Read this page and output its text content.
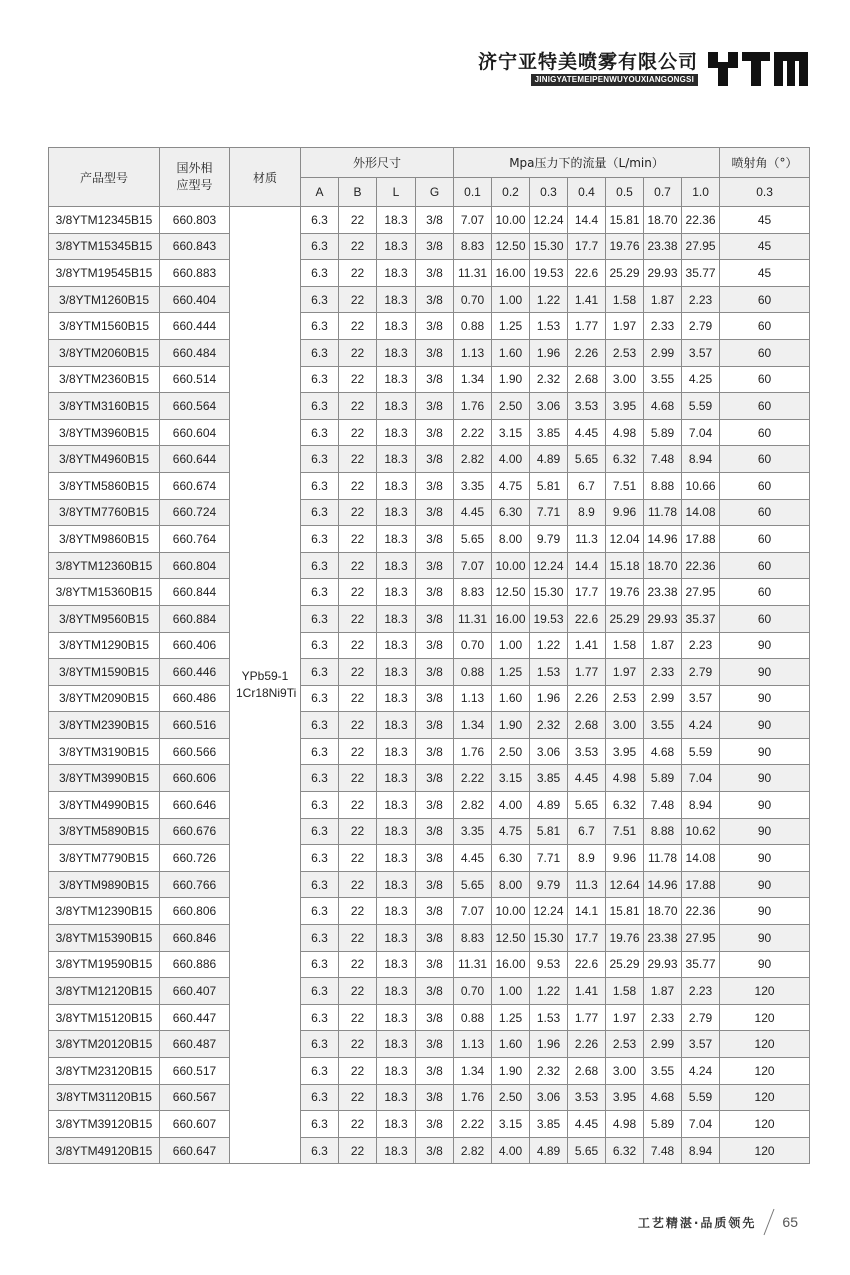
济宁亚特美喷雾有限公司
JINIGYATEMEIPENWUYOUXIANGONGSI
产品型号	国外相应型号	材质	外形尺寸				Mpa压力下的流量（L/min）							喷射角（°）
			A	B	L	G	0.1	0.2	0.3	0.4	0.5	0.7	1.0	0.3
3/8YTM12345B15	660.803	YPb59-1 1Cr18Ni9Ti	6.3	22	18.3	3/8	7.07	10.00	12.24	14.4	15.81	18.70	22.36	45
3/8YTM15345B15	660.843		6.3	22	18.3	3/8	8.83	12.50	15.30	17.7	19.76	23.38	27.95	45
3/8YTM19545B15	660.883		6.3	22	18.3	3/8	11.31	16.00	19.53	22.6	25.29	29.93	35.77	45
3/8YTM1260B15	660.404		6.3	22	18.3	3/8	0.70	1.00	1.22	1.41	1.58	1.87	2.23	60
3/8YTM1560B15	660.444		6.3	22	18.3	3/8	0.88	1.25	1.53	1.77	1.97	2.33	2.79	60
3/8YTM2060B15	660.484		6.3	22	18.3	3/8	1.13	1.60	1.96	2.26	2.53	2.99	3.57	60
3/8YTM2360B15	660.514		6.3	22	18.3	3/8	1.34	1.90	2.32	2.68	3.00	3.55	4.25	60
3/8YTM3160B15	660.564		6.3	22	18.3	3/8	1.76	2.50	3.06	3.53	3.95	4.68	5.59	60
3/8YTM3960B15	660.604		6.3	22	18.3	3/8	2.22	3.15	3.85	4.45	4.98	5.89	7.04	60
3/8YTM4960B15	660.644		6.3	22	18.3	3/8	2.82	4.00	4.89	5.65	6.32	7.48	8.94	60
3/8YTM5860B15	660.674		6.3	22	18.3	3/8	3.35	4.75	5.81	6.7	7.51	8.88	10.66	60
3/8YTM7760B15	660.724		6.3	22	18.3	3/8	4.45	6.30	7.71	8.9	9.96	11.78	14.08	60
3/8YTM9860B15	660.764		6.3	22	18.3	3/8	5.65	8.00	9.79	11.3	12.04	14.96	17.88	60
3/8YTM12360B15	660.804		6.3	22	18.3	3/8	7.07	10.00	12.24	14.4	15.18	18.70	22.36	60
3/8YTM15360B15	660.844		6.3	22	18.3	3/8	8.83	12.50	15.30	17.7	19.76	23.38	27.95	60
3/8YTM9560B15	660.884		6.3	22	18.3	3/8	11.31	16.00	19.53	22.6	25.29	29.93	35.37	60
3/8YTM1290B15	660.406		6.3	22	18.3	3/8	0.70	1.00	1.22	1.41	1.58	1.87	2.23	90
3/8YTM1590B15	660.446		6.3	22	18.3	3/8	0.88	1.25	1.53	1.77	1.97	2.33	2.79	90
3/8YTM2090B15	660.486		6.3	22	18.3	3/8	1.13	1.60	1.96	2.26	2.53	2.99	3.57	90
3/8YTM2390B15	660.516		6.3	22	18.3	3/8	1.34	1.90	2.32	2.68	3.00	3.55	4.24	90
3/8YTM3190B15	660.566		6.3	22	18.3	3/8	1.76	2.50	3.06	3.53	3.95	4.68	5.59	90
3/8YTM3990B15	660.606		6.3	22	18.3	3/8	2.22	3.15	3.85	4.45	4.98	5.89	7.04	90
3/8YTM4990B15	660.646		6.3	22	18.3	3/8	2.82	4.00	4.89	5.65	6.32	7.48	8.94	90
3/8YTM5890B15	660.676		6.3	22	18.3	3/8	3.35	4.75	5.81	6.7	7.51	8.88	10.62	90
3/8YTM7790B15	660.726		6.3	22	18.3	3/8	4.45	6.30	7.71	8.9	9.96	11.78	14.08	90
3/8YTM9890B15	660.766		6.3	22	18.3	3/8	5.65	8.00	9.79	11.3	12.64	14.96	17.88	90
3/8YTM12390B15	660.806		6.3	22	18.3	3/8	7.07	10.00	12.24	14.1	15.81	18.70	22.36	90
3/8YTM15390B15	660.846		6.3	22	18.3	3/8	8.83	12.50	15.30	17.7	19.76	23.38	27.95	90
3/8YTM19590B15	660.886		6.3	22	18.3	3/8	11.31	16.00	9.53	22.6	25.29	29.93	35.77	90
3/8YTM12120B15	660.407		6.3	22	18.3	3/8	0.70	1.00	1.22	1.41	1.58	1.87	2.23	120
3/8YTM15120B15	660.447		6.3	22	18.3	3/8	0.88	1.25	1.53	1.77	1.97	2.33	2.79	120
3/8YTM20120B15	660.487		6.3	22	18.3	3/8	1.13	1.60	1.96	2.26	2.53	2.99	3.57	120
3/8YTM23120B15	660.517		6.3	22	18.3	3/8	1.34	1.90	2.32	2.68	3.00	3.55	4.24	120
3/8YTM31120B15	660.567		6.3	22	18.3	3/8	1.76	2.50	3.06	3.53	3.95	4.68	5.59	120
3/8YTM39120B15	660.607		6.3	22	18.3	3/8	2.22	3.15	3.85	4.45	4.98	5.89	7.04	120
3/8YTM49120B15	660.647		6.3	22	18.3	3/8	2.82	4.00	4.89	5.65	6.32	7.48	8.94	120
工艺精湛·品质领先 65
